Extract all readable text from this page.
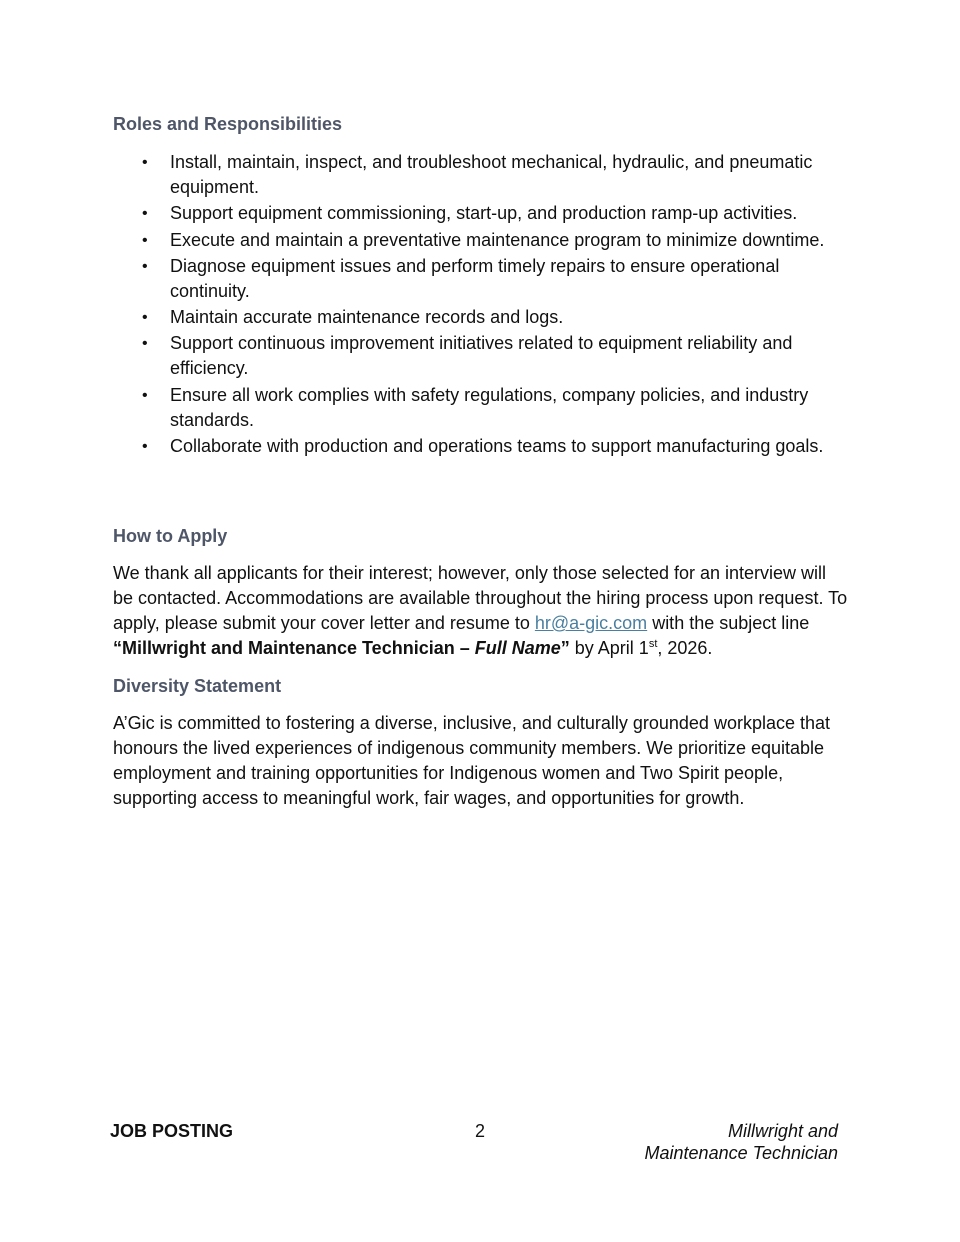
Roles and Responsibilities
• Install, maintain, inspect, and troubleshoot mechanical, hydraulic, and pneumatic equipment.
• Support equipment commissioning, start-up, and production ramp-up activities.
• Execute and maintain a preventative maintenance program to minimize downtime.
• Diagnose equipment issues and perform timely repairs to ensure operational continuity.
• Maintain accurate maintenance records and logs.
• Support continuous improvement initiatives related to equipment reliability and efficiency.
• Ensure all work complies with safety regulations, company policies, and industry standards.
• Collaborate with production and operations teams to support manufacturing goals.
How to Apply

We thank all applicants for their interest; however, only those selected for an interview will be contacted. Accommodations are available throughout the hiring process upon request. To apply, please submit your cover letter and resume to hr@a-gic.com with the subject line “Millwright and Maintenance Technician – Full Name” by April 1st, 2026.

Diversity Statement

A’Gic is committed to fostering a diverse, inclusive, and culturally grounded workplace that honours the lived experiences of indigenous community members. We prioritize equitable employment and training opportunities for Indigenous women and Two Spirit people, supporting access to meaningful work, fair wages, and opportunities for growth.

JOB POSTING	2	Millwright and
Maintenance Technician
